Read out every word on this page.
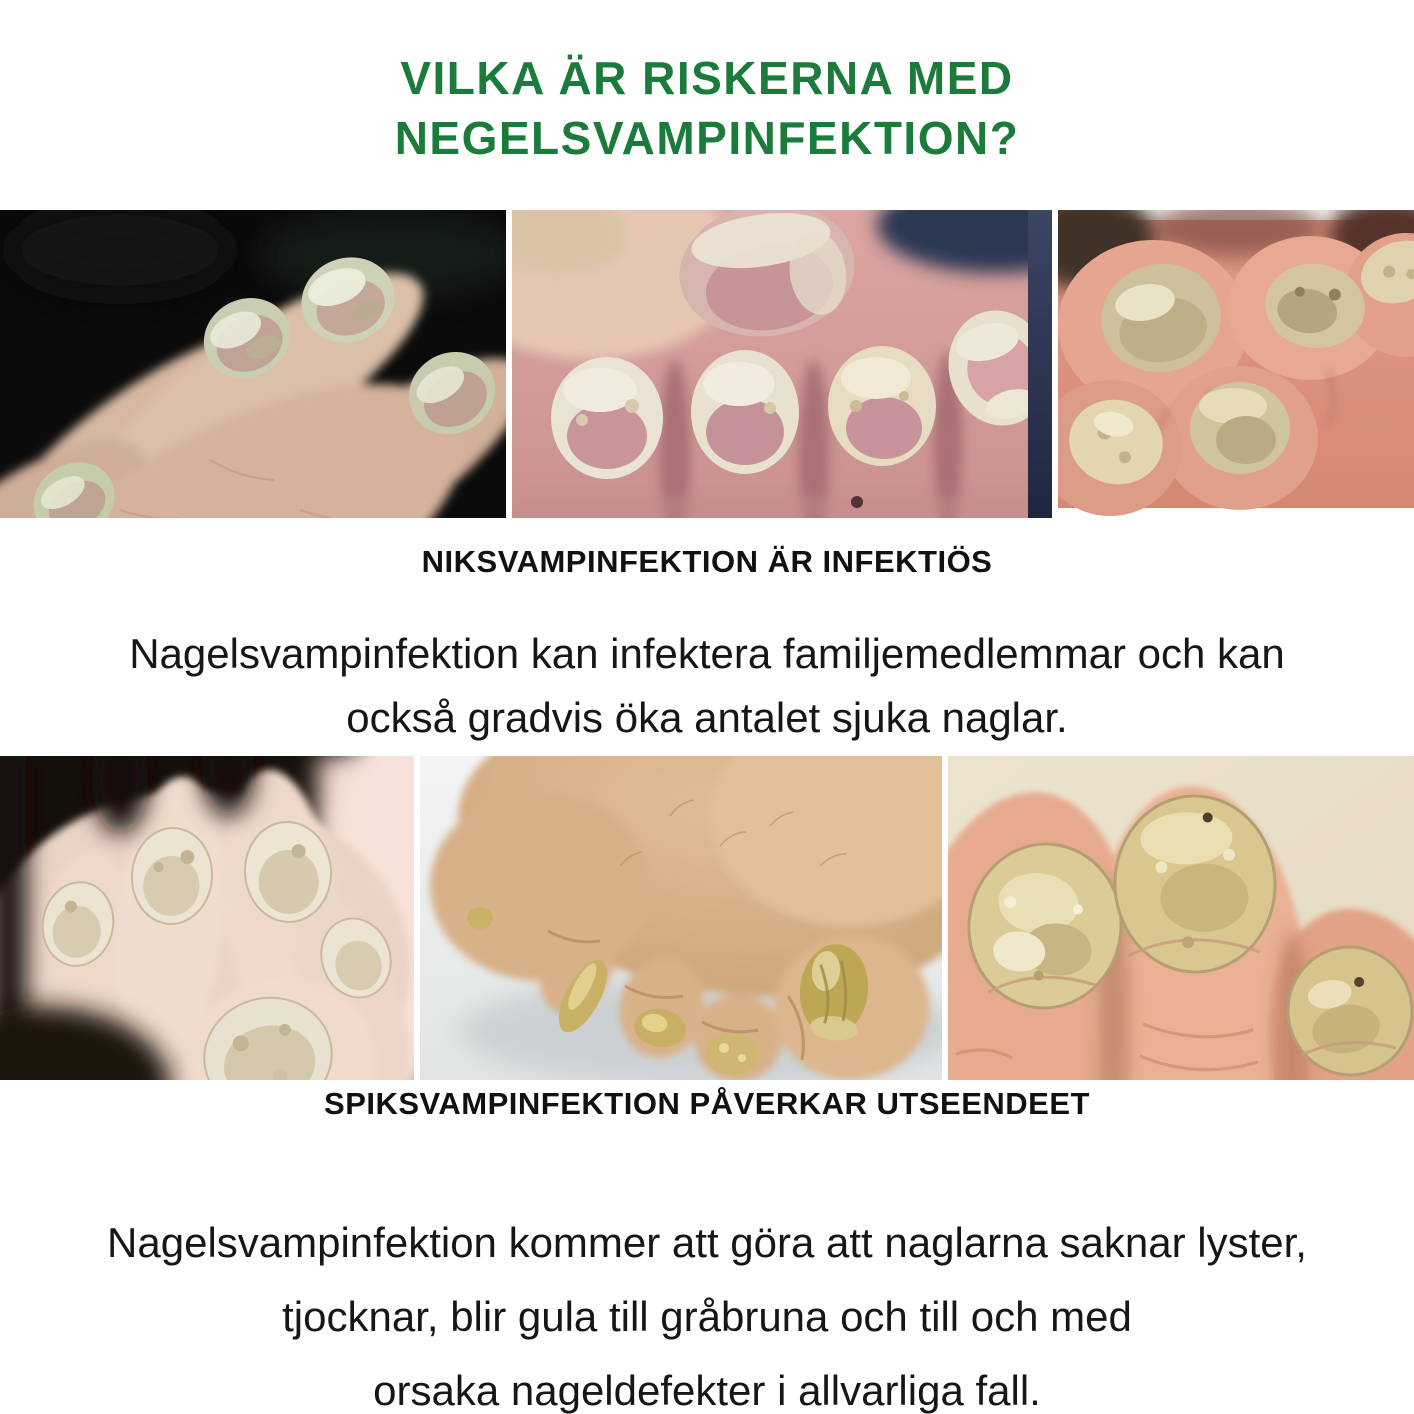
VILKA ÄR RISKERNA MED
NEGELSVAMPINFEKTION?
NIKSVAMPINFEKTION ÄR INFEKTIÖS
Nagelsvampinfektion kan infektera familjemedlemmar och kan
också gradvis öka antalet sjuka naglar.
SPIKSVAMPINFEKTION PÅVERKAR UTSEENDEET
Nagelsvampinfektion kommer att göra att naglarna saknar lyster,
tjocknar, blir gula till gråbruna och till och med
orsaka nageldefekter i allvarliga fall.
